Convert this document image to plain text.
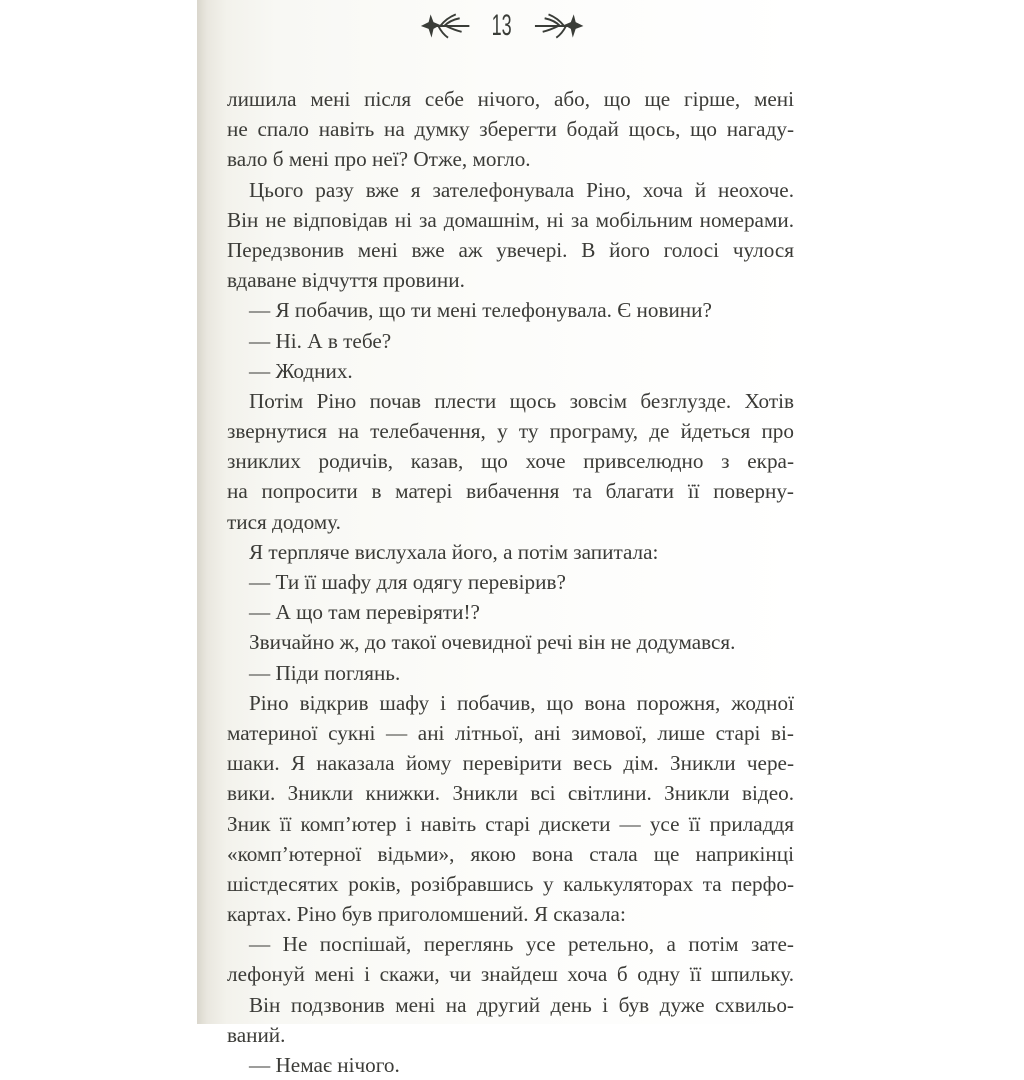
13
лишила мені після себе нічого, або, що ще гірше, мені
не спало навіть на думку зберегти бодай щось, що нагаду-
вало б мені про неї? Отже, могло.
Цього разу вже я зателефонувала Ріно, хоча й неохоче.
Він не відповідав ні за домашнім, ні за мобільним номерами.
Передзвонив мені вже аж увечері. В його голосі чулося
вдаване відчуття провини.
— Я побачив, що ти мені телефонувала. Є новини?
— Ні. А в тебе?
— Жодних.
Потім Ріно почав плести щось зовсім безглузде. Хотів
звернутися на телебачення, у ту програму, де йдеться про
зниклих родичів, казав, що хоче привселюдно з екра-
на попросити в матері вибачення та благати її поверну-
тися додому.
Я терпляче вислухала його, а потім запитала:
— Ти її шафу для одягу перевірив?
— А що там перевіряти!?
Звичайно ж, до такої очевидної речі він не додумався.
— Піди поглянь.
Ріно відкрив шафу і побачив, що вона порожня, жодної
материної сукні — ані літньої, ані зимової, лише старі ві-
шаки. Я наказала йому перевірити весь дім. Зникли чере-
вики. Зникли книжки. Зникли всі світлини. Зникли відео.
Зник її комп’ютер і навіть старі дискети — усе її приладдя
«комп’ютерної відьми», якою вона стала ще наприкінці
шістдесятих років, розібравшись у калькуляторах та перфо-
картах. Ріно був приголомшений. Я сказала:
— Не поспішай, переглянь усе ретельно, а потім зате-
лефонуй мені і скажи, чи знайдеш хоча б одну її шпильку.
Він подзвонив мені на другий день і був дуже схвильо-
ваний.
— Немає нічого.
